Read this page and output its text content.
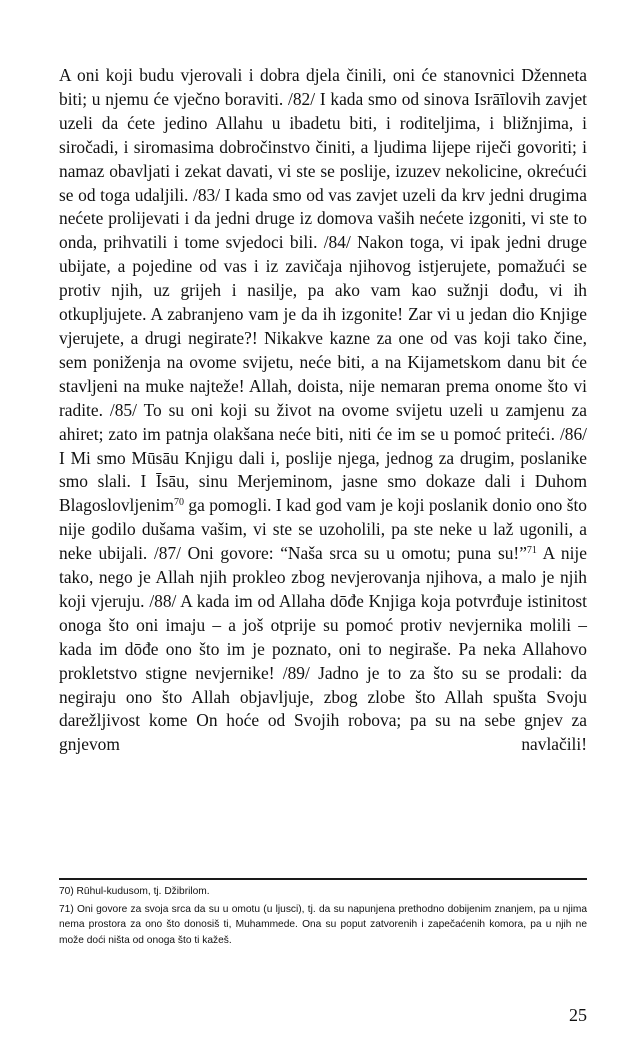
A oni koji budu vjerovali i dobra djela činili, oni će stanovnici Dženneta biti; u njemu će vječno boraviti. /82/ I kada smo od sinova Isrāīlovih zavjet uzeli da ćete jedino Allahu u ibadetu biti, i roditeljima, i bližnjima, i siročadi, i siromasima dobročinstvo činiti, a ljudima lijepe riječi govoriti; i namaz obavljati i zekat davati, vi ste se poslije, izuzev nekolicine, okrećući se od toga udaljili. /83/ I kada smo od vas zavjet uzeli da krv jedni drugima nećete prolijevati i da jedni druge iz domova vaših nećete izgoniti, vi ste to onda, prihvatili i tome svjedoci bili. /84/ Nakon toga, vi ipak jedni druge ubijate, a pojedine od vas i iz zavičaja njihovog istjerujete, pomažući se protiv njih, uz grijeh i nasilje, pa ako vam kao sužnji dođu, vi ih otkupljujete. A zabranjeno vam je da ih izgonite! Zar vi u jedan dio Knjige vjerujete, a drugi negirate?! Nikakve kazne za one od vas koji tako čine, sem poniženja na ovome svijetu, neće biti, a na Kijametskom danu bit će stavljeni na muke najteže! Allah, doista, nije nemaran prema onome što vi radite. /85/ To su oni koji su život na ovome svijetu uzeli u zamjenu za ahiret; zato im patnja olakšana neće biti, niti će im se u pomoć priteći. /86/ I Mi smo Mūsāu Knjigu dali i, poslije njega, jednog za drugim, poslanike smo slali. I Īsāu, sinu Merjeminom, jasne smo dokaze dali i Duhom Blagoslovljenim$^{70}$ ga pomogli. I kad god vam je koji poslanik donio ono što nije godilo dušama vašim, vi ste se uzoholili, pa ste neke u laž ugonili, a neke ubijali. /87/ Oni govore: “Naša srca su u omotu; puna su!”$^{71}$ A nije tako, nego je Allah njih prokleo zbog nevjerovanja njihova, a malo je njih koji vjeruju. /88/ A kada im od Allaha dōđe Knjiga koja potvrđuje istinitost onoga što oni imaju – a još otprije su pomoć protiv nevjernika molili – kada im dōđe ono što im je poznato, oni to negiraše. Pa neka Allahovo prokletstvo stigne nevjernike! /89/ Jadno je to za što su se prodali: da negiraju ono što Allah objavljuje, zbog zlobe što Allah spušta Svoju darežljivost kome On hoće od Svojih robova; pa su na sebe gnjev za gnjevom navlačili!

70) Rūhul-kudusom, tj. Džibrilom.

71) Oni govore za svoja srca da su u omotu (u ljusci), tj. da su napunjena prethodno dobijenim znanjem, pa u njima nema prostora za ono što donosiš ti, Muhammede. Ona su poput zatvorenih i zapečaćenih komora, pa u njih ne može doći ništa od onoga što ti kažeš.

25
